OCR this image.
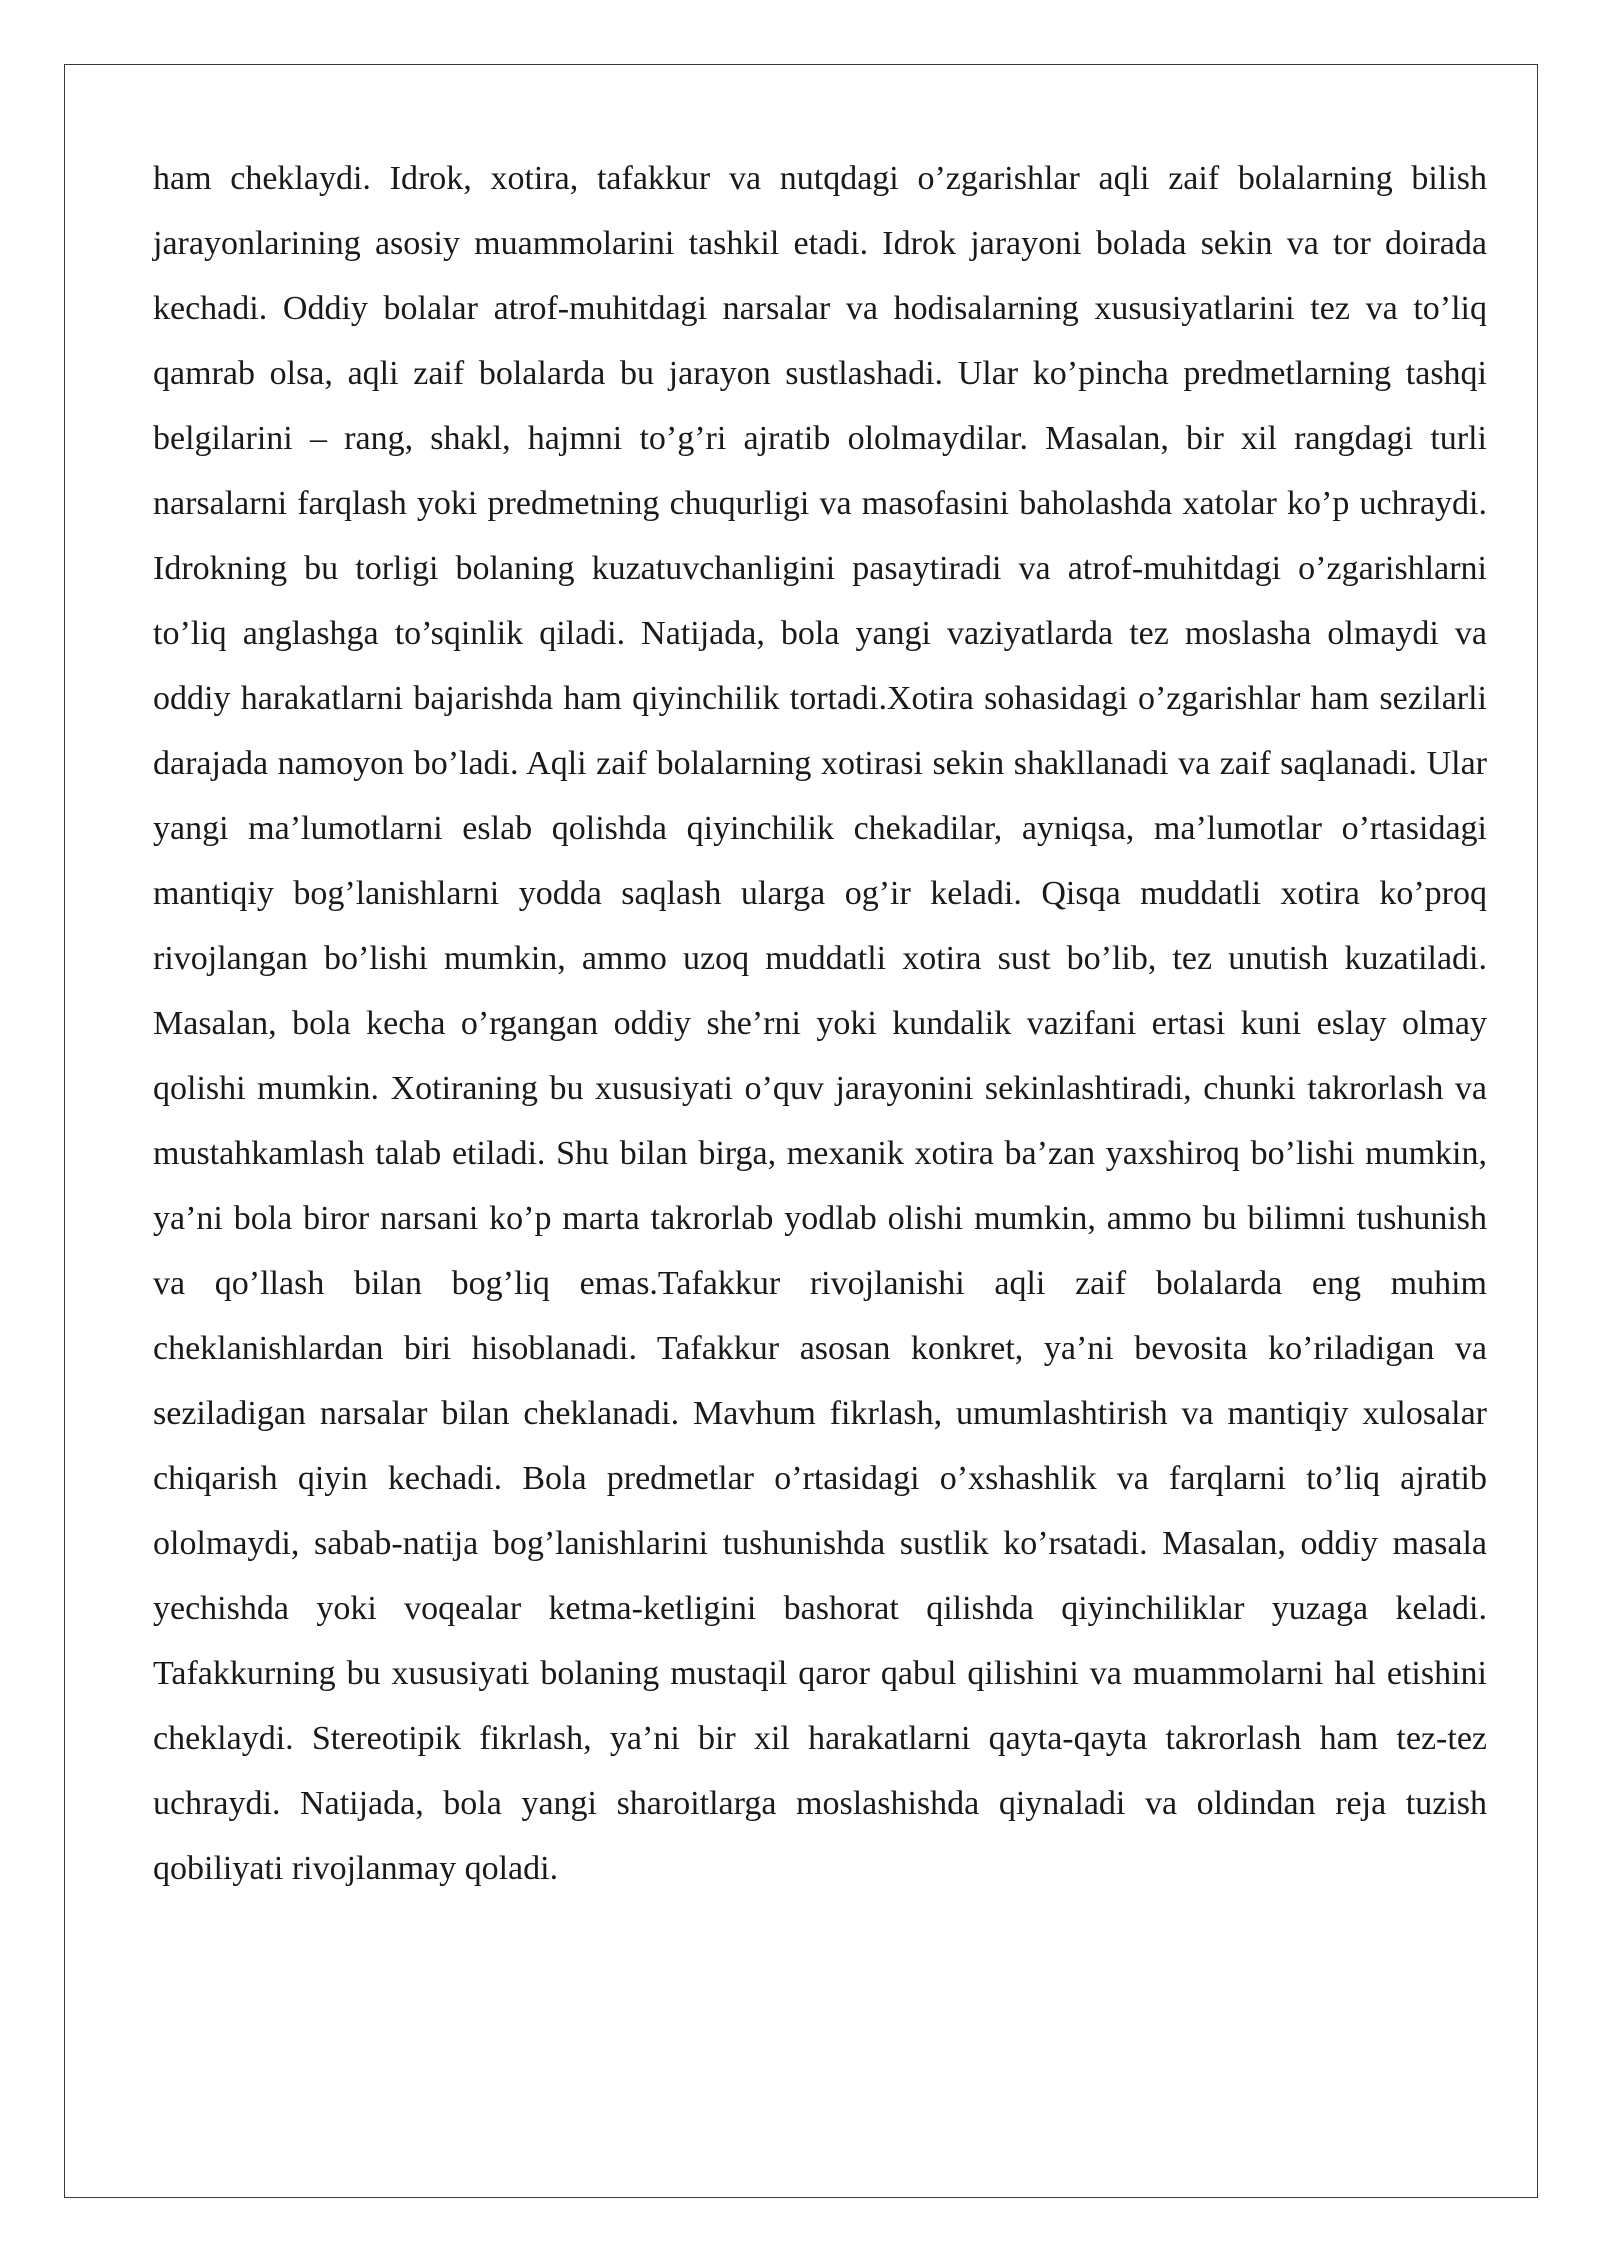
ham cheklaydi. Idrok, xotira, tafakkur va nutqdagi o’zgarishlar aqli zaif bolalarning bilish jarayonlarining asosiy muammolarini tashkil etadi. Idrok jarayoni bolada sekin va tor doirada kechadi. Oddiy bolalar atrof-muhitdagi narsalar va hodisalarning xususiyatlarini tez va to’liq qamrab olsa, aqli zaif bolalarda bu jarayon sustlashadi. Ular ko’pincha predmetlarning tashqi belgilarini – rang, shakl, hajmni to’g’ri ajratib ololmaydilar. Masalan, bir xil rangdagi turli narsalarni farqlash yoki predmetning chuqurligi va masofasini baholashda xatolar ko’p uchraydi. Idrokning bu torligi bolaning kuzatuvchanligini pasaytiradi va atrof-muhitdagi o’zgarishlarni to’liq anglashga to’sqinlik qiladi. Natijada, bola yangi vaziyatlarda tez moslasha olmaydi va oddiy harakatlarni bajarishda ham qiyinchilik tortadi.Xotira sohasidagi o’zgarishlar ham sezilarli darajada namoyon bo’ladi. Aqli zaif bolalarning xotirasi sekin shakllanadi va zaif saqlanadi. Ular yangi ma’lumotlarni eslab qolishda qiyinchilik chekadilar, ayniqsa, ma’lumotlar o’rtasidagi mantiqiy bog’lanishlarni yodda saqlash ularga og’ir keladi. Qisqa muddatli xotira ko’proq rivojlangan bo’lishi mumkin, ammo uzoq muddatli xotira sust bo’lib, tez unutish kuzatiladi. Masalan, bola kecha o’rgangan oddiy she’rni yoki kundalik vazifani ertasi kuni eslay olmay qolishi mumkin. Xotiraning bu xususiyati o’quv jarayonini sekinlashtiradi, chunki takrorlash va mustahkamlash talab etiladi. Shu bilan birga, mexanik xotira ba’zan yaxshiroq bo’lishi mumkin, ya’ni bola biror narsani ko’p marta takrorlab yodlab olishi mumkin, ammo bu bilimni tushunish va qo’llash bilan bog’liq emas.Tafakkur rivojlanishi aqli zaif bolalarda eng muhim cheklanishlardan biri hisoblanadi. Tafakkur asosan konkret, ya’ni bevosita ko’riladigan va seziladigan narsalar bilan cheklanadi. Mavhum fikrlash, umumlashtirish va mantiqiy xulosalar chiqarish qiyin kechadi. Bola predmetlar o’rtasidagi o’xshashlik va farqlarni to’liq ajratib ololmaydi, sabab-natija bog’lanishlarini tushunishda sustlik ko’rsatadi. Masalan, oddiy masala yechishda yoki voqealar ketma-ketligini bashorat qilishda qiyinchiliklar yuzaga keladi. Tafakkurning bu xususiyati bolaning mustaqil qaror qabul qilishini va muammolarni hal etishini cheklaydi. Stereotipik fikrlash, ya’ni bir xil harakatlarni qayta-qayta takrorlash ham tez-tez uchraydi. Natijada, bola yangi sharoitlarga moslashishda qiynaladi va oldindan reja tuzish qobiliyati rivojlanmay qoladi.
